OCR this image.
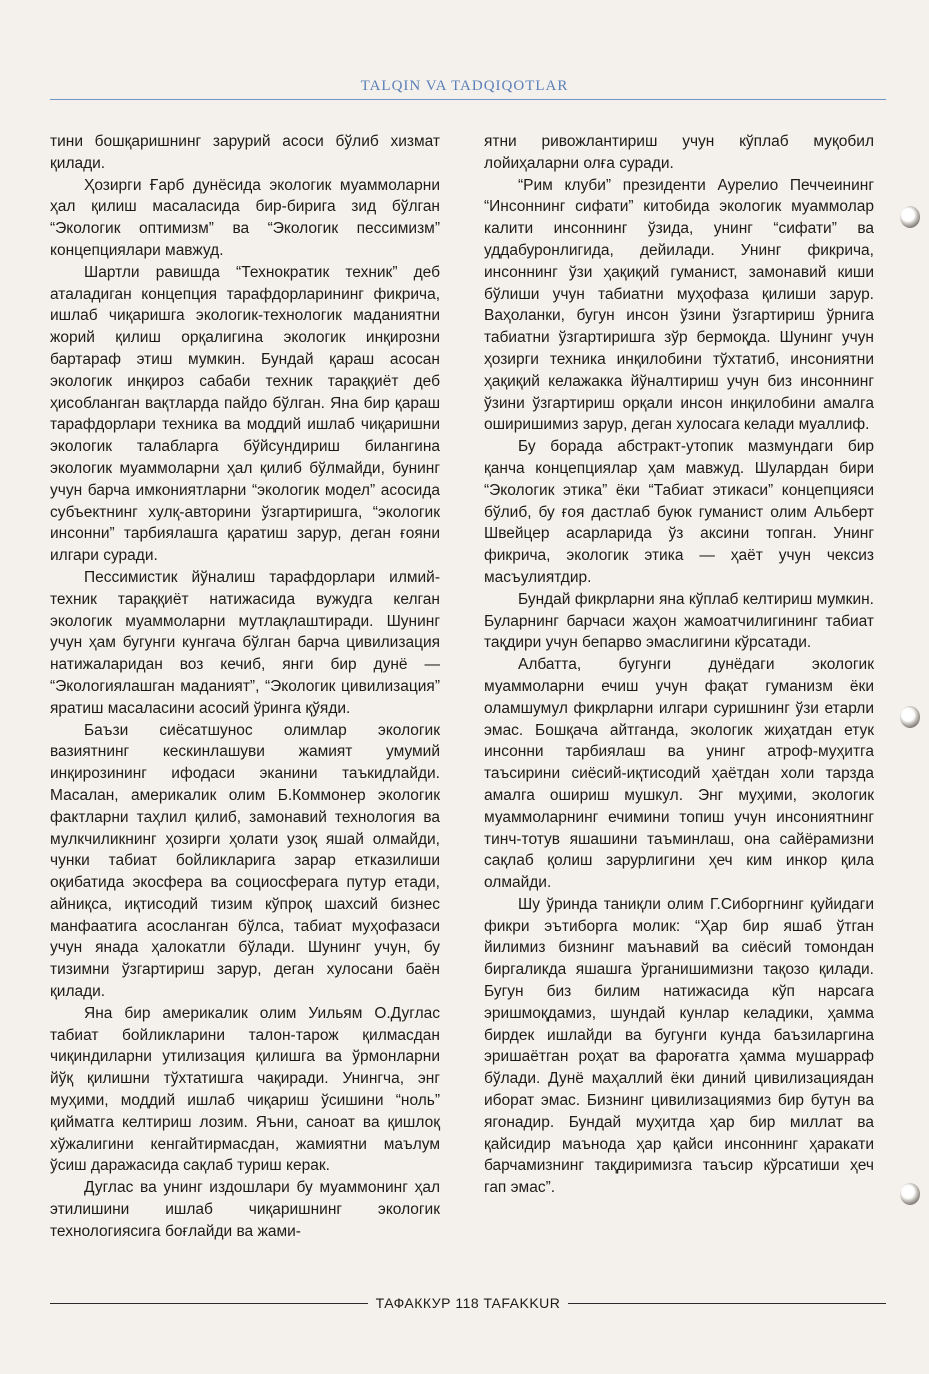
TALQIN VA TADQIQOTLAR

тини бошқаришнинг зарурий асоси бўлиб хизмат қилади.

Ҳозирги Ғарб дунёсида экологик муаммоларни ҳал қилиш масаласида бир-бирига зид бўлган “Экологик оптимизм” ва “Экологик пессимизм” концепциялари мавжуд.

Шартли равишда “Технократик техник” деб аталадиган концепция тарафдорларининг фикрича, ишлаб чиқаришга экологик-технологик маданиятни жорий қилиш орқалигина экологик инқирозни бартараф этиш мумкин. Бундай қараш асосан экологик инқироз сабаби техник тараққиёт деб ҳисобланган вақтларда пайдо бўлган. Яна бир қараш тарафдорлари техника ва моддий ишлаб чиқаришни экологик талабларга бўйсундириш билангина экологик муаммоларни ҳал қилиб бўлмайди, бунинг учун барча имкониятларни “экологик модел” асосида субъектнинг хулқ-авторини ўзгартиришга, “экологик инсонни” тарбиялашга қаратиш зарур, деган ғояни илгари суради.

Пессимистик йўналиш тарафдорлари илмий-техник тараққиёт натижасида вужудга келган экологик муаммоларни мутлақлаштиради. Шунинг учун ҳам бугунги кунгача бўлган барча цивилизация натижаларидан воз кечиб, янги бир дунё — “Экологиялашган маданият”, “Экологик цивилизация” яратиш масаласини асосий ўринга қўяди.

Баъзи сиёсатшунос олимлар экологик вазиятнинг кескинлашуви жамият умумий инқирозининг ифодаси эканини таъкидлайди. Масалан, америкалик олим Б.Коммонер экологик фактларни таҳлил қилиб, замонавий технология ва мулкчиликнинг ҳозирги ҳолати узоқ яшай олмайди, чунки табиат бойликларига зарар етказилиши оқибатида экосфера ва социосферага путур етади, айниқса, иқтисодий тизим кўпроқ шахсий бизнес манфаатига асосланган бўлса, табиат муҳофазаси учун янада ҳалокатли бўлади. Шунинг учун, бу тизимни ўзгартириш зарур, деган хулосани баён қилади.

Яна бир америкалик олим Уильям О.Дуглас табиат бойликларини талон-тарож қилмасдан чиқиндиларни утилизация қилишга ва ўрмонларни йўқ қилишни тўхтатишга чақиради. Унингча, энг муҳими, моддий ишлаб чиқариш ўсишини “ноль” қийматга келтириш лозим. Яъни, саноат ва қишлоқ хўжалигини кенгайтирмасдан, жамиятни маълум ўсиш даражасида сақлаб туриш керак.

Дуглас ва унинг издошлари бу муаммонинг ҳал этилишини ишлаб чиқаришнинг экологик технологиясига боғлайди ва жами-

ятни ривожлантириш учун кўплаб муқобил лойиҳаларни олға суради.

“Рим клуби” президенти Аурелио Печчеининг “Инсоннинг сифати” китобида экологик муаммолар калити инсоннинг ўзида, унинг “сифати” ва уддабуронлигида, дейилади. Унинг фикрича, инсоннинг ўзи ҳақиқий гуманист, замонавий киши бўлиши учун табиатни муҳофаза қилиши зарур. Ваҳоланки, бугун инсон ўзини ўзгартириш ўрнига табиатни ўзгартиришга зўр бермоқда. Шунинг учун ҳозирги техника инқилобини тўхтатиб, инсониятни ҳақиқий келажакка йўналтириш учун биз инсоннинг ўзини ўзгартириш орқали инсон инқилобини амалга оширишимиз зарур, деган хулосага келади муаллиф.

Бу борада абстракт-утопик мазмундаги бир қанча концепциялар ҳам мавжуд. Шулардан бири “Экологик этика” ёки “Табиат этикаси” концепцияси бўлиб, бу ғоя дастлаб буюк гуманист олим Альберт Швейцер асарларида ўз аксини топган. Унинг фикрича, экологик этика — ҳаёт учун чексиз масъулиятдир.

Бундай фикрларни яна кўплаб келтириш мумкин. Буларнинг барчаси жаҳон жамоатчилигининг табиат тақдири учун бепарво эмаслигини кўрсатади.

Албатта, бугунги дунёдаги экологик муаммоларни ечиш учун фақат гуманизм ёки оламшумул фикрларни илгари суришнинг ўзи етарли эмас. Бошқача айтганда, экологик жиҳатдан етук инсонни тарбиялаш ва унинг атроф-муҳитга таъсирини сиёсий-иқтисодий ҳаётдан холи тарзда амалга ошириш мушкул. Энг муҳими, экологик муаммоларнинг ечимини топиш учун инсониятнинг тинч-тотув яшашини таъминлаш, она сайёрамизни сақлаб қолиш зарурлигини ҳеч ким инкор қила олмайди.

Шу ўринда таниқли олим Г.Сиборгнинг қуйидаги фикри эътиборга молик: “Ҳар бир яшаб ўтган йилимиз бизнинг маънавий ва сиёсий томондан биргаликда яшашга ўрганишимизни тақозо қилади. Бугун биз билим натижасида кўп нарсага эришмоқдамиз, шундай кунлар келадики, ҳамма бирдек ишлайди ва бугунги кунда баъзиларгина эришаётган роҳат ва фароғатга ҳамма мушарраф бўлади. Дунё маҳаллий ёки диний цивилизациядан иборат эмас. Бизнинг цивилизациямиз бир бутун ва ягонадир. Бундай муҳитда ҳар бир миллат ва қайсидир маънода ҳар қайси инсоннинг ҳаракати барчамизнинг тақдиримизга таъсир кўрсатиши ҳеч гап эмас”.

ТАФАККУР 118 TAFAKKUR
